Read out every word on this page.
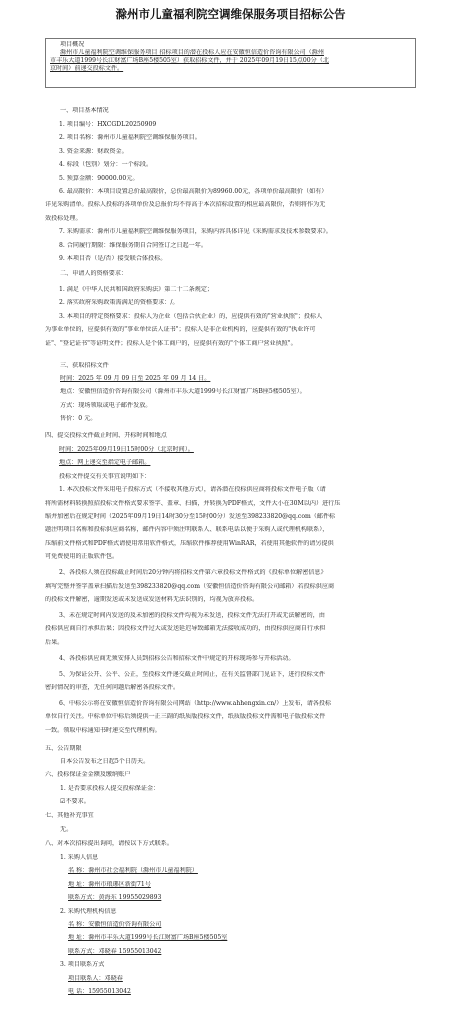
滁州市儿童福利院空调维保服务项目招标公告
项目概况
滁州市儿童福利院空调维保服务项目 招标项目的潜在投标人应在安徽恒信造价咨询有限公司（滁州
市丰乐大道1999号长江财富广场B座5楼505室）获取招标文件，并于 2025年09月19日15点00分（北
京时间）前递交投标文件。
一、项目基本情况
1. 项目编号：HXCGDL20250909
2. 项目名称：滁州市儿童福利院空调维保服务项目。
3. 资金来源：财政资金。
4. 标段（包别）划分：一个标段。
5. 预算金额：90000.00元。
6. 最高限价：本项目设置总价最高限价，总价最高限价为89960.00元，各项单价最高限价（如有）
详见采购清单。投标人投标的各项单价及总报价均不得高于本次招标设置的相应最高限价，否则将作为无
效投标处理。
7. 采购需求：滁州市儿童福利院空调维保服务项目，采购内容具体详见《采购需求及技术参数要求》。
8. 合同履行期限：维保服务期自合同签订之日起一年。
9. 本项目否（是/否）接受联合体投标。
二、申请人的资格要求：
1. 满足《中华人民共和国政府采购法》第二十二条规定；
2. 落实政府采购政策需满足的资格要求：/。
3. 本项目的特定资格要求：投标人为企业（包括合伙企业）的，应提供有效的"营业执照"；投标人
为事业单位的，应提供有效的"事业单位法人证书"；投标人是非企业机构的，应提供有效的"执业许可
证"、"登记证书"等证明文件；投标人是个体工商户的，应提供有效的"个体工商户营业执照"。
三、获取招标文件
时间：2025 年 09 月 09 日至 2025 年 09 月 14 日。
地点：安徽恒信造价咨询有限公司（滁州市丰乐大道1999号长江财富广场B座5楼505室）。
方式：现场领取或电子邮件发放。
售价：0 元。
四、提交投标文件截止时间、开标时间和地点
时间：2025年09月19日15时00分（北京时间）。
地点：网上递交至指定电子邮箱。
投标文件提交有关事宜说明如下：
1. 本次投标文件采用电子投标方式（不接收其他方式），请各潜在投标供应商将投标文件电子版（请
将所需材料转换照招投标文件格式要求签字、盖章、扫描，并转换为PDF格式，文件大小在30M以内）进行压
缩并加密后在规定时间（2025年09月19日14时30分至15时00分）发送至398233820@qq.com（邮件标
题注明项目名称和投标供应商名称，邮件内容中须注明联系人、联系电话以便于采购人或代理机构联系），
压缩前文件格式和PDF格式请使用常用软件格式，压缩软件推荐使用WinRAR，若使用其他软件的请另提供
可免费使用的正版软件包。
2、各投标人须在投标截止时间后20分钟内将招标文件第六章投标文件格式的《投标单位解密信息》
填写完整并签字盖章扫描后发送至398233820@qq.com（安徽恒信造价咨询有限公司邮箱）若投标供应商
的投标文件解密，逾期发送或未发送成发送材料无法识别的，均视为放弃投标。
3、未在规定时间内发送的及未加密的投标文件均视为未发送，投标文件无法打开或无法解密的，由
投标供应商自行承担后果；因投标文件过大或发送延迟导致邮箱无法接收成功的，由投标供应商自行承担
后果。
4、各投标供应商无须安排人员到招标公告和招标文件中规定的开标现场参与开标活动。
5、为保证公开、公平、公正，至投标文件递交截止时间止，在有关监督部门见证下，进行投标文件
密封情况的审查，无任何问题后解密各投标文件。
6、中标公示将在安徽恒信造价咨询有限公司网站（http://www.ahhengxin.cn/）上发布，请各投标
单位自行关注。中标单位中标后须提供一正三副的纸质版投标文件，纸质版投标文件需和电子版投标文件
一致。领取中标通知书时递交至代理机构。
五、公告期限
自本公告发布之日起5个日历天。
六、投标保证金金额及缴纳账户
1. 是否要求投标人提交投标保证金：
☑不要求。
七、其他补充事宜
无。
八、对本次招标提出询问，请按以下方式联系。
1. 采购人信息
名 称：滁州市社会福利院（滁州市儿童福利院）
地 址：滁州市琅琊区新街71号
联系方式：黄海东 19955029893
2. 采购代理机构信息
名 称：安徽恒信造价咨询有限公司
地 址：滁州市丰乐大道1999号长江财富广场B座5楼505室
联系方式：邓晓春 15955013042
3. 项目联系方式
项目联系人：邓晓春
电 话：15955013042
